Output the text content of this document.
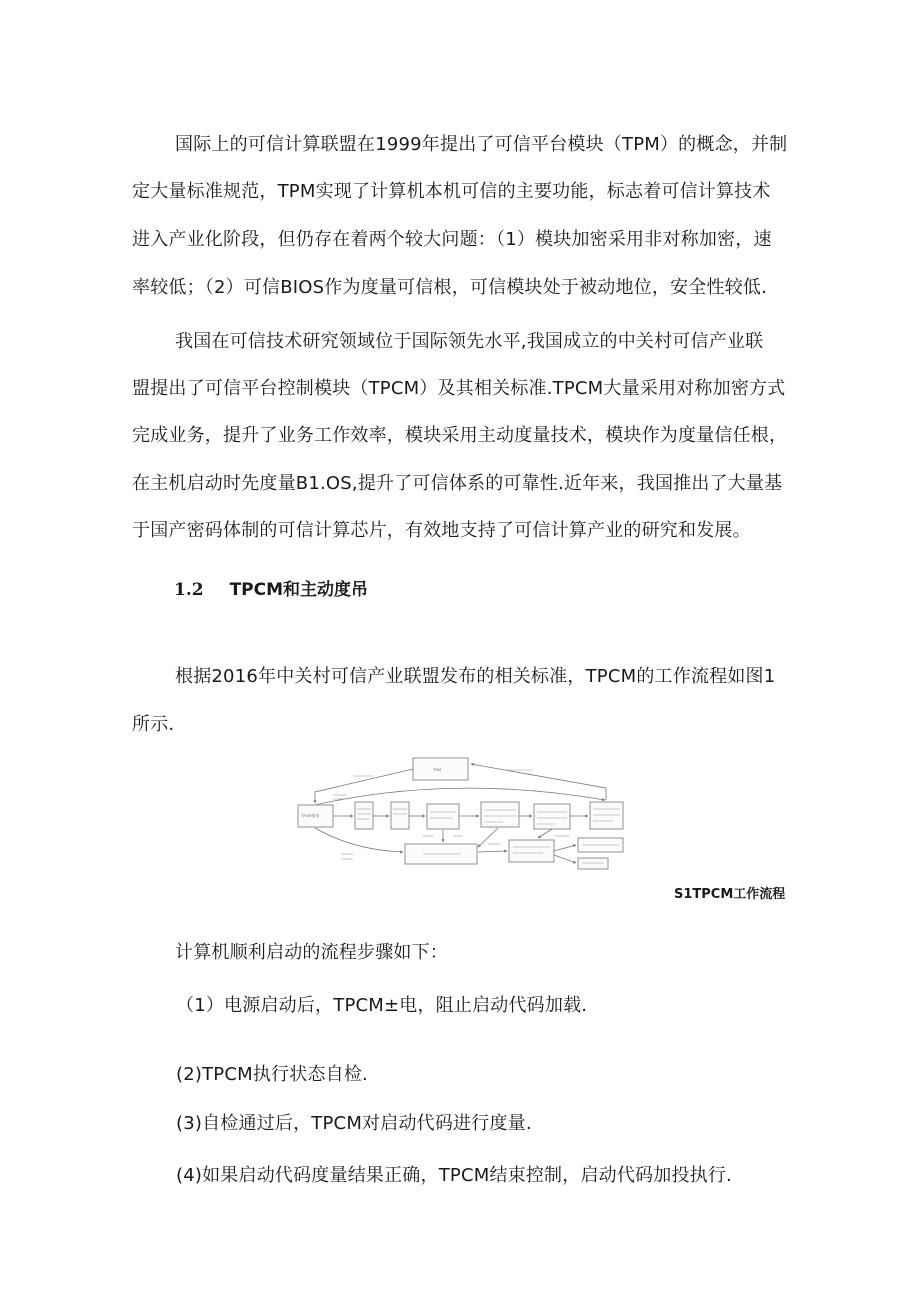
国际上的可信计算联盟在1999年提出了可信平台模块（TPM）的概念，并制
定大量标准规范，TPM实现了计算机本机可信的主要功能，标志着可信计算技术
进入产业化阶段，但仍存在着两个较大问题：（1）模块加密采用非对称加密，速
率较低；（2）可信BIOS作为度量可信根，可信模块处于被动地位，安全性较低.
我国在可信技术研究领域位于国际领先水平,我国成立的中关村可信产业联
盟提出了可信平台控制模块（TPCM）及其相关标准.TPCM大量采用对称加密方式
完成业务，提升了业务工作效率，模块采用主动度量技术，模块作为度量信任根，
在主机启动时先度量B1.OS,提升了可信体系的可靠性.近年来，我国推出了大量基
于国产密码体制的可信计算芯片，有效地支持了可信计算产业的研究和发展。
1.2 TPCM和主动度吊
根据2016年中关村可信产业联盟发布的相关标准，TPCM的工作流程如图1
所示.
TSM
TPCM加电
S1TPCM工作流程
计算机顺利启动的流程步骤如下：
（1）电源启动后，TPCM±电，阻止启动代码加载.
(2)TPCM执行状态自检.
(3)自检通过后，TPCM对启动代码进行度量.
(4)如果启动代码度量结果正确，TPCM结束控制，启动代码加投执行.
